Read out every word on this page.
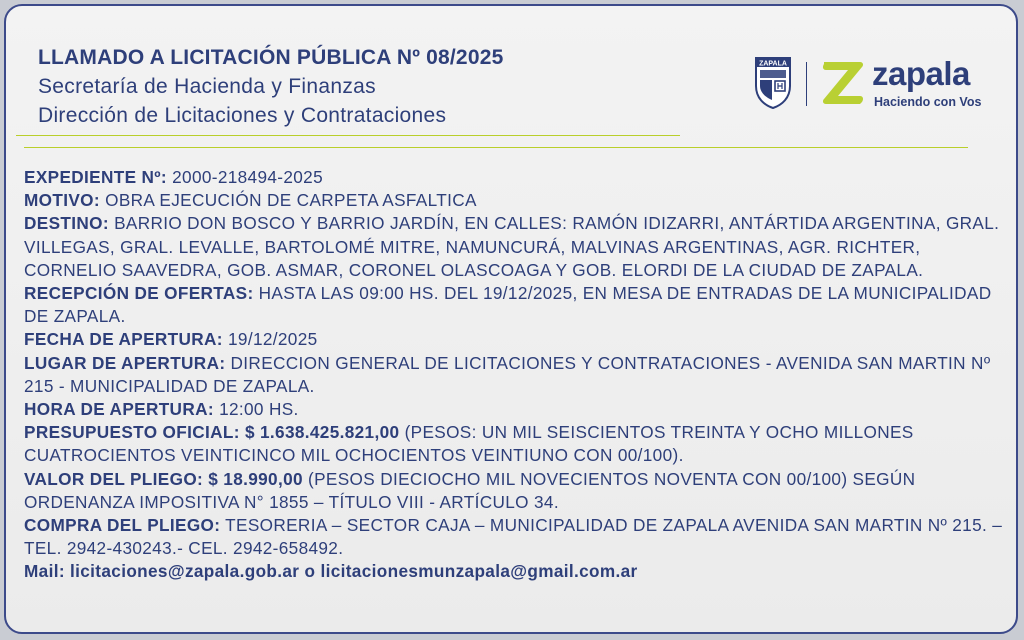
LLAMADO A LICITACIÓN PÚBLICA Nº 08/2025
Secretaría de Hacienda y Finanzas
Dirección de Licitaciones y Contrataciones
ZAPALA	zapala
Haciendo con Vos

EXPEDIENTE Nº: 2000-218494-2025

MOTIVO: OBRA EJECUCIÓN DE CARPETA ASFALTICA

DESTINO: BARRIO DON BOSCO Y BARRIO JARDÍN, EN CALLES: RAMÓN IDIZARRI, ANTÁRTIDA ARGENTINA, GRAL. VILLEGAS, GRAL. LEVALLE, BARTOLOMÉ MITRE, NAMUNCURÁ, MALVINAS ARGENTINAS, AGR. RICHTER, CORNELIO SAAVEDRA, GOB. ASMAR, CORONEL OLASCOAGA Y GOB. ELORDI DE LA CIUDAD DE ZAPALA.

RECEPCIÓN DE OFERTAS: HASTA LAS 09:00 HS. DEL 19/12/2025, EN MESA DE ENTRADAS DE LA MUNICIPALIDAD DE ZAPALA.

FECHA DE APERTURA: 19/12/2025

LUGAR DE APERTURA: DIRECCION GENERAL DE LICITACIONES Y CONTRATACIONES - AVENIDA SAN MARTIN Nº 215 - MUNICIPALIDAD DE ZAPALA.

HORA DE APERTURA: 12:00 HS.

PRESUPUESTO OFICIAL: $ 1.638.425.821,00 (PESOS: UN MIL SEISCIENTOS TREINTA Y OCHO MILLONES CUATROCIENTOS VEINTICINCO MIL OCHOCIENTOS VEINTIUNO CON 00/100).

VALOR DEL PLIEGO: $ 18.990,00 (PESOS DIECIOCHO MIL NOVECIENTOS NOVENTA CON 00/100) SEGÚN ORDENANZA IMPOSITIVA N° 1855 – TÍTULO VIII - ARTÍCULO 34.

COMPRA DEL PLIEGO: TESORERIA – SECTOR CAJA – MUNICIPALIDAD DE ZAPALA AVENIDA SAN MARTIN Nº 215. – TEL. 2942-430243.- CEL. 2942-658492.

Mail: licitaciones@zapala.gob.ar o licitacionesmunzapala@gmail.com.ar
